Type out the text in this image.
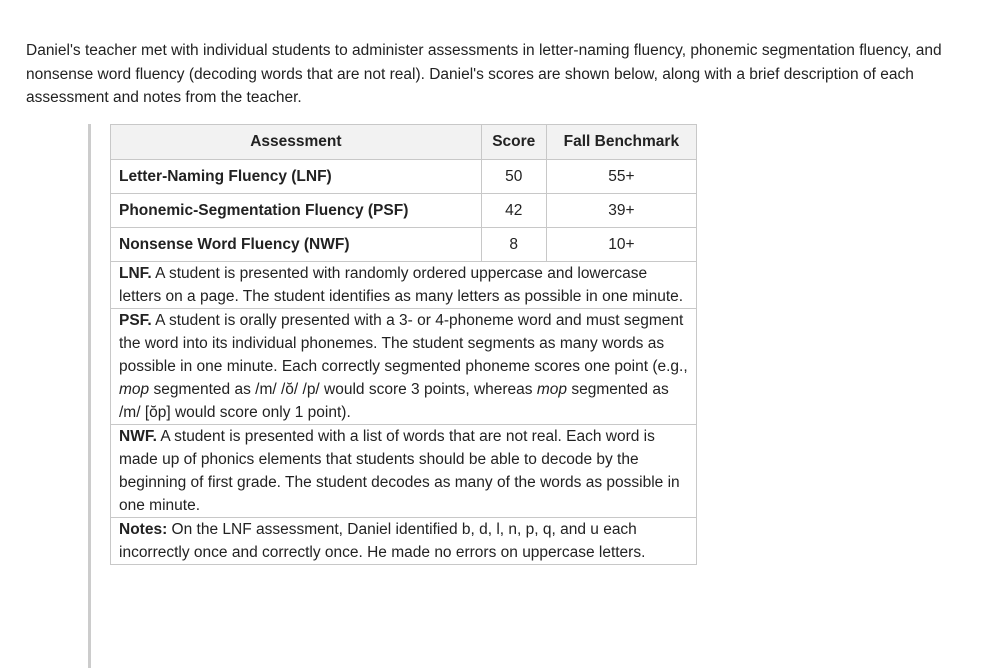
Daniel's teacher met with individual students to administer assessments in letter-naming fluency, phonemic segmentation fluency, and nonsense word fluency (decoding words that are not real). Daniel's scores are shown below, along with a brief description of each assessment and notes from the teacher.

Assessment	Score	Fall Benchmark
Letter-Naming Fluency (LNF)	50	55+
Phonemic-Segmentation Fluency (PSF)	42	39+
Nonsense Word Fluency (NWF)	8	10+
LNF. A student is presented with randomly ordered uppercase and lowercase letters on a page. The student identifies as many letters as possible in one minute.		
PSF. A student is orally presented with a 3- or 4-phoneme word and must segment the word into its individual phonemes. The student segments as many words as possible in one minute. Each correctly segmented phoneme scores one point (e.g., mop segmented as /m/ /ŏ/ /p/ would score 3 points, whereas mop segmented as /m/ [ŏp] would score only 1 point).		
NWF. A student is presented with a list of words that are not real. Each word is made up of phonics elements that students should be able to decode by the beginning of first grade. The student decodes as many of the words as possible in one minute.		
Notes: On the LNF assessment, Daniel identified b, d, l, n, p, q, and u each incorrectly once and correctly once. He made no errors on uppercase letters.		
